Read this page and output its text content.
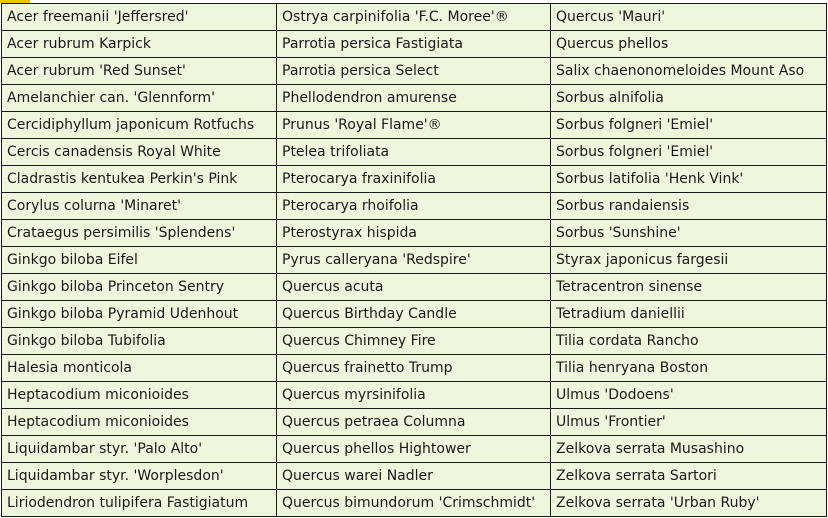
Acer freemanii 'Jeffersred'	Ostrya carpinifolia 'F.C. Moree'®	Quercus 'Mauri'
Acer rubrum Karpick	Parrotia persica Fastigiata	Quercus phellos
Acer rubrum 'Red Sunset'	Parrotia persica Select	Salix chaenonomeloides Mount Aso
Amelanchier can. 'Glennform'	Phellodendron amurense	Sorbus alnifolia
Cercidiphyllum japonicum Rotfuchs	Prunus 'Royal Flame'®	Sorbus folgneri 'Emiel'
Cercis canadensis Royal White	Ptelea trifoliata	Sorbus folgneri 'Emiel'
Cladrastis kentukea Perkin's Pink	Pterocarya fraxinifolia	Sorbus latifolia 'Henk Vink'
Corylus colurna 'Minaret'	Pterocarya rhoifolia	Sorbus randaiensis
Crataegus persimilis 'Splendens'	Pterostyrax hispida	Sorbus 'Sunshine'
Ginkgo biloba Eifel	Pyrus calleryana 'Redspire'	Styrax japonicus fargesii
Ginkgo biloba Princeton Sentry	Quercus acuta	Tetracentron sinense
Ginkgo biloba Pyramid Udenhout	Quercus Birthday Candle	Tetradium daniellii
Ginkgo biloba Tubifolia	Quercus Chimney Fire	Tilia cordata Rancho
Halesia monticola	Quercus frainetto Trump	Tilia henryana Boston
Heptacodium miconioides	Quercus myrsinifolia	Ulmus 'Dodoens'
Heptacodium miconioides	Quercus petraea Columna	Ulmus 'Frontier'
Liquidambar styr. 'Palo Alto'	Quercus phellos Hightower	Zelkova serrata Musashino
Liquidambar styr. 'Worplesdon'	Quercus warei Nadler	Zelkova serrata Sartori
Liriodendron tulipifera Fastigiatum	Quercus bimundorum 'Crimschmidt'	Zelkova serrata 'Urban Ruby'
